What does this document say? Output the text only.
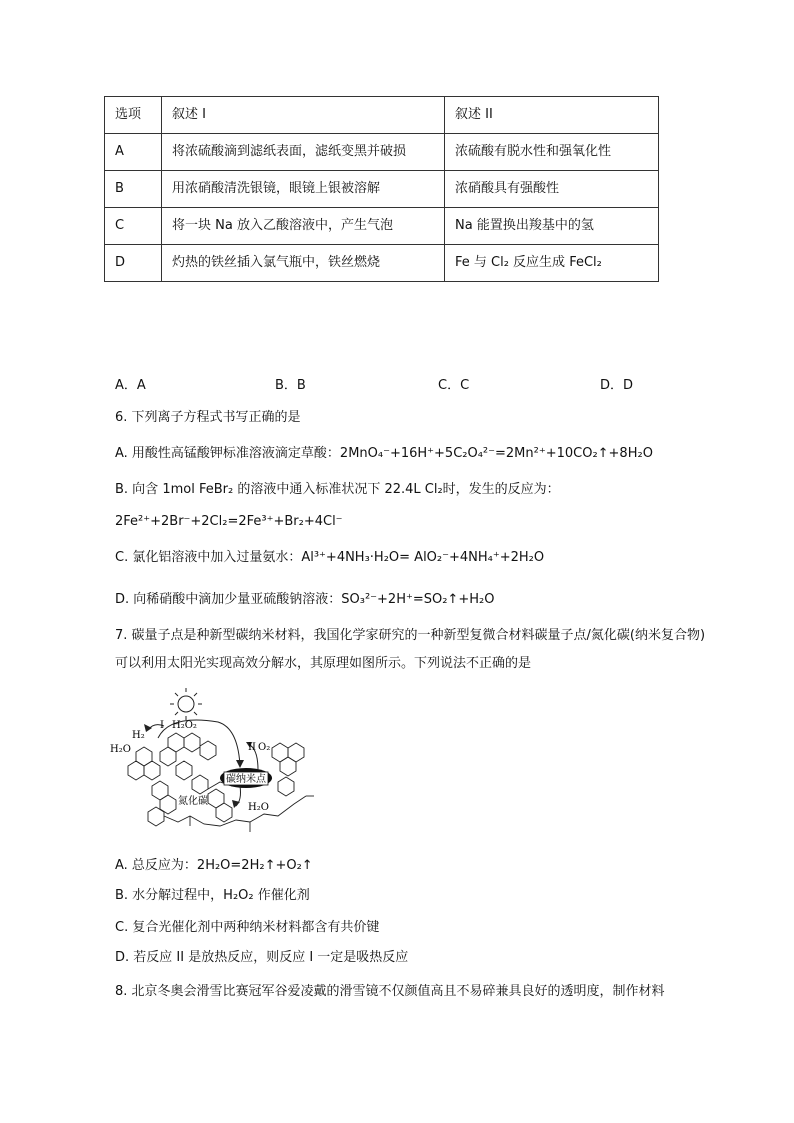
选项	叙述 I	叙述 II
A	将浓硫酸滴到滤纸表面，滤纸变黑并破损	浓硫酸有脱水性和强氧化性
B	用浓硝酸清洗银镜，眼镜上银被溶解	浓硝酸具有强酸性
C	将一块 Na 放入乙酸溶液中，产生气泡	Na 能置换出羧基中的氢
D	灼热的铁丝插入氯气瓶中，铁丝燃烧	Fe 与 Cl₂ 反应生成 FeCl₂
A．A	B．B	C．C	D．D
6. 下列离子方程式书写正确的是
A. 用酸性高锰酸钾标准溶液滴定草酸：2MnO₄⁻+16H⁺+5C₂O₄²⁻=2Mn²⁺+10CO₂↑+8H₂O
B. 向含 1mol FeBr₂ 的溶液中通入标准状况下 22.4L Cl₂时，发生的反应为：
2Fe²⁺+2Br⁻+2Cl₂=2Fe³⁺+Br₂+4Cl⁻
C. 氯化铝溶液中加入过量氨水：Al³⁺+4NH₃·H₂O= AlO₂⁻+4NH₄⁺+2H₂O
D. 向稀硝酸中滴加少量亚硫酸钠溶液：SO₃²⁻+2H⁺=SO₂↑+H₂O
7. 碳量子点是种新型碳纳米材料，我国化学家研究的一种新型复微合材料碳量子点/氮化碳(纳米复合物)可以利用太阳光实现高效分解水，其原理如图所示。下列说法不正确的是
碳纳米点
I H₂O₂
H₂
H₂O	II O₂
氮化碳
H₂O
A. 总反应为：2H₂O=2H₂↑+O₂↑
B. 水分解过程中，H₂O₂ 作催化剂
C. 复合光催化剂中两种纳米材料都含有共价键
D. 若反应 II 是放热反应，则反应 I 一定是吸热反应
8. 北京冬奥会滑雪比赛冠军谷爱凌戴的滑雪镜不仅颜值高且不易碎兼具良好的透明度，制作材料
